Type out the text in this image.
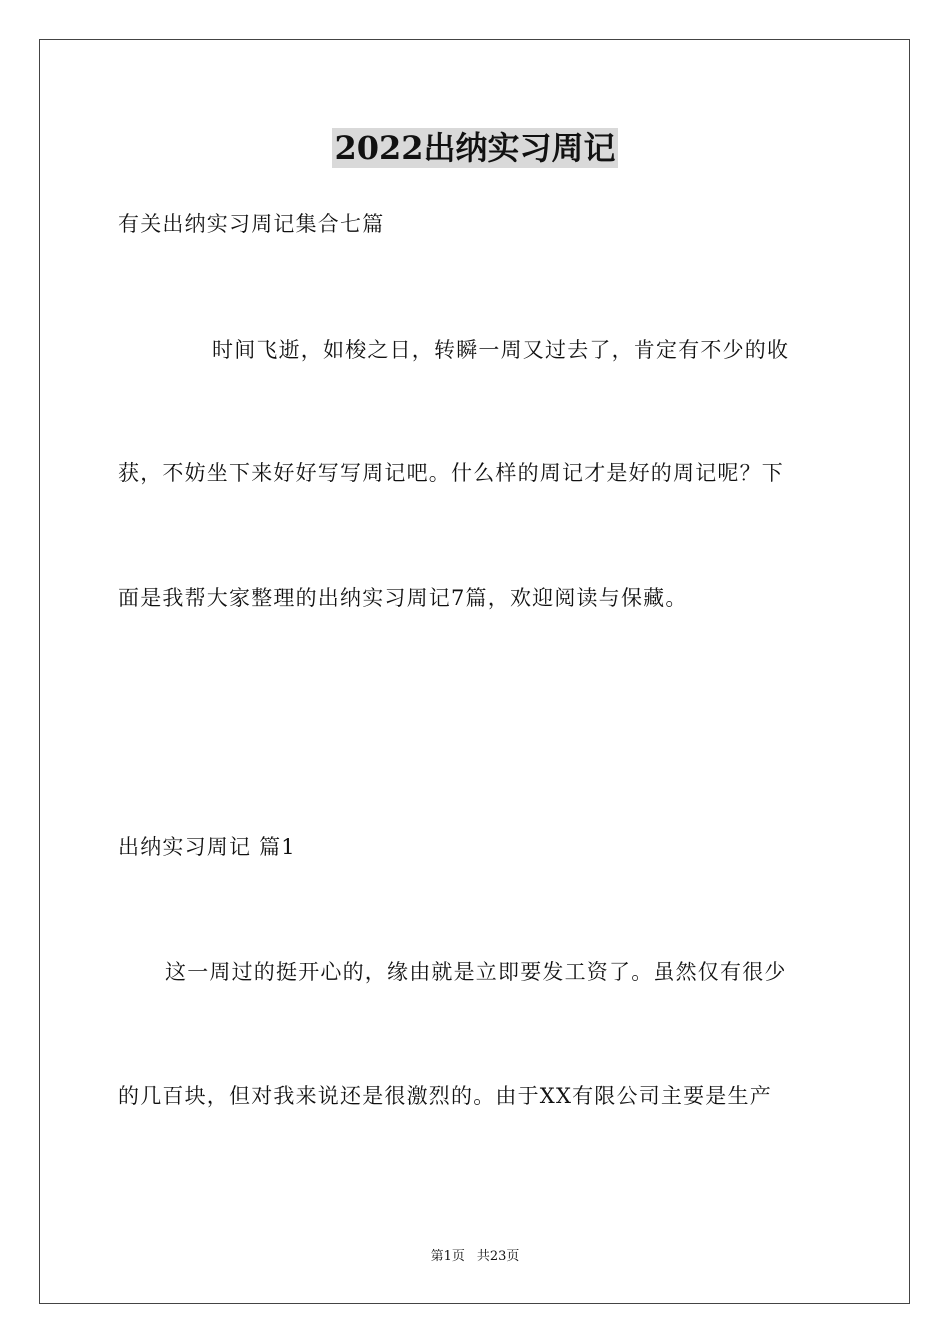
2022出纳实习周记
有关出纳实习周记集合七篇
时间飞逝，如梭之日，转瞬一周又过去了，肯定有不少的收
获，不妨坐下来好好写写周记吧。什么样的周记才是好的周记呢？下
面是我帮大家整理的出纳实习周记7篇，欢迎阅读与保藏。
出纳实习周记 篇1
这一周过的挺开心的，缘由就是立即要发工资了。虽然仅有很少
的几百块，但对我来说还是很激烈的。由于XX有限公司主要是生产
第1页 共23页
